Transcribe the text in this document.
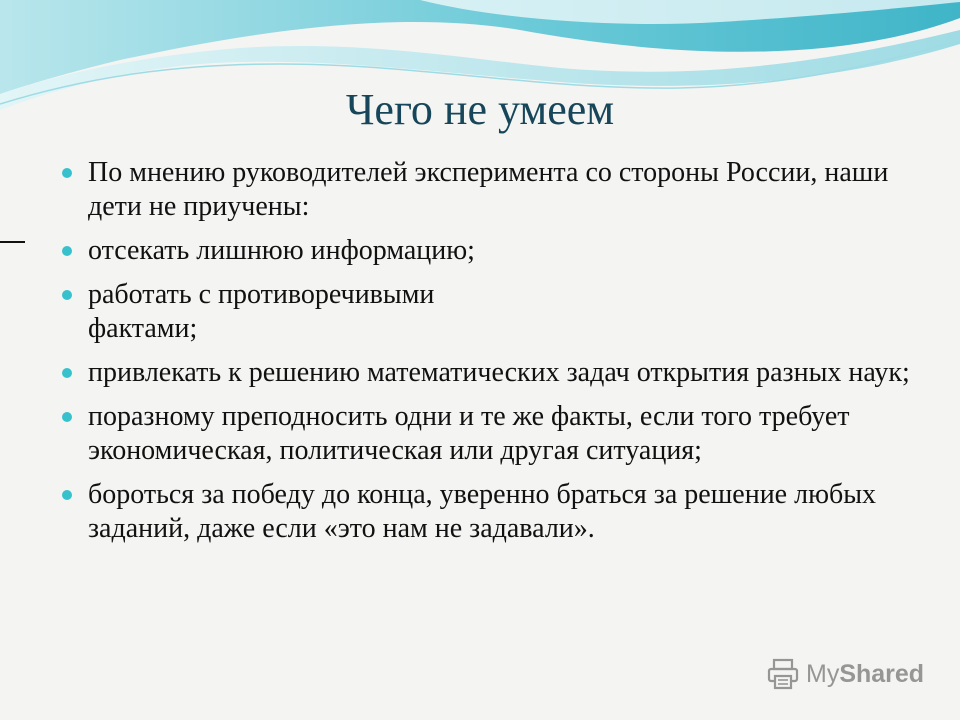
Чего не умеем
По мнению руководителей эксперимента со стороны России, наши дети не приучены:
отсекать лишнюю информацию;
работать с противоречивыми фактами;
привлекать к решению математических задач открытия разных наук;
поразному преподносить одни и те же факты, если того требует экономическая, политическая или другая ситуация;
бороться за победу до конца, уверенно браться за решение любых заданий, даже если «это нам не задавали».
MyShared
